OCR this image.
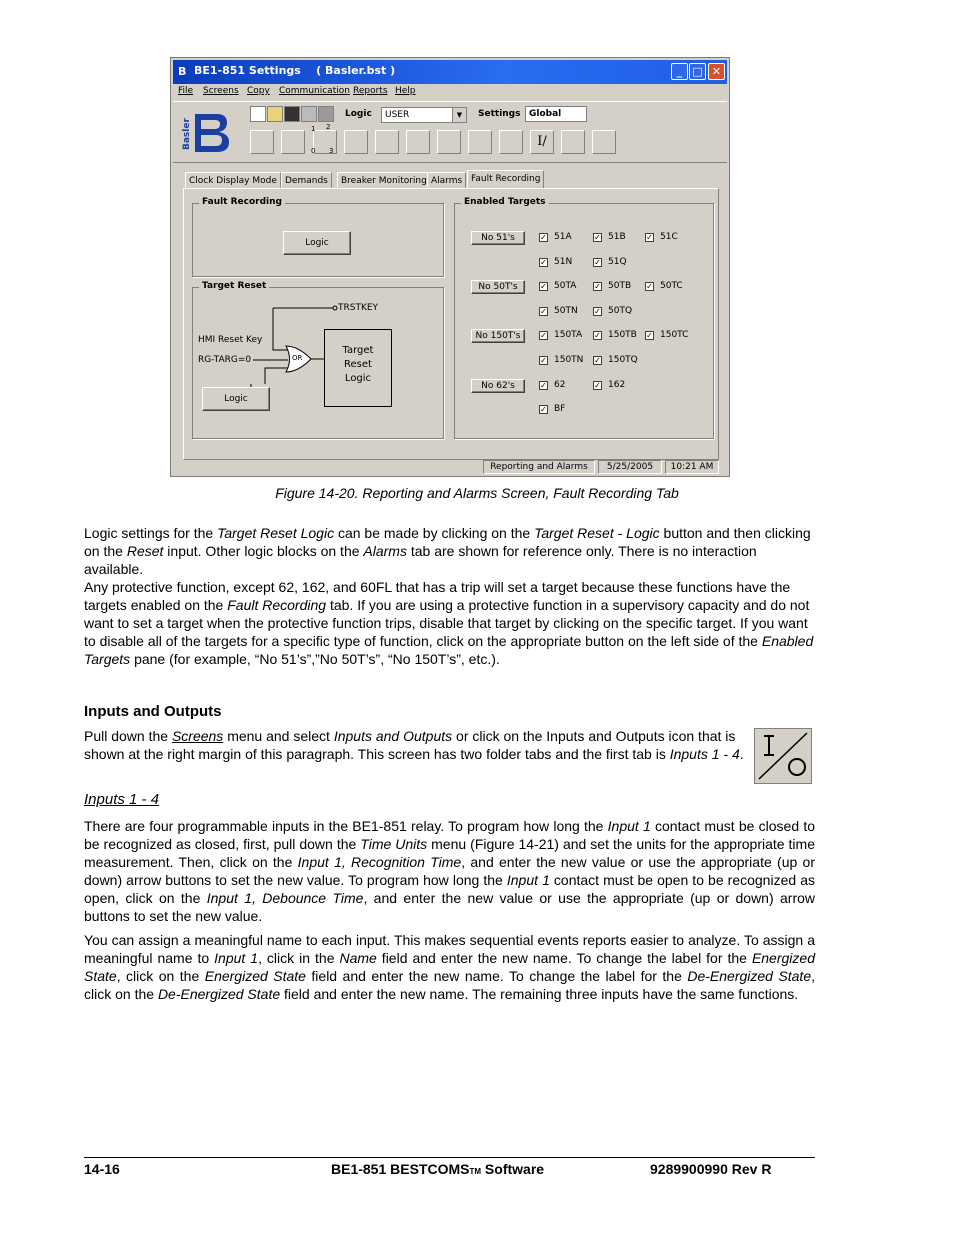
B BE1-851 Settings    ( Basler.bst )	_ □ ✕
File Screens Copy Communication Reports Help
Basler
Logic	USER	▼	Settings Global
1 2
0 3
I/
Clock Display Mode Demands	Breaker Monitoring Alarms Fault Recording
Fault Recording
Logic
Target Reset
TRSTKEY
HMI Reset Key
RG-TARG=0	OR
Target Reset Logic
Logic
Enabled Targets
No 51's	✓ 51A	✓ 51B	✓ 51C
✓ 51N	✓ 51Q
No 50T's	✓ 50TA ✓ 50TB ✓ 50TC
✓ 50TN ✓ 50TQ
No 150T's	✓ 150TA ✓ 150TB ✓ 150TC
✓ 150TN ✓ 150TQ
No 62's	✓ 62	✓ 162
✓ BF
Reporting and Alarms	5/25/2005	10:21 AM
Figure 14-20. Reporting and Alarms Screen, Fault Recording Tab

Logic settings for the Target Reset Logic can be made by clicking on the Target Reset - Logic button and then clicking on the Reset input. Other logic blocks on the Alarms tab are shown for reference only. There is no interaction available.

Any protective function, except 62, 162, and 60FL that has a trip will set a target because these functions have the targets enabled on the Fault Recording tab. If you are using a protective function in a supervisory capacity and do not want to set a target when the protective function trips, disable that target by clicking on the specific target. If you want to disable all of the targets for a specific type of function, click on the appropriate button on the left side of the Enabled Targets pane (for example, “No 51’s”,”No 50T’s”, “No 150T’s”, etc.).

Inputs and Outputs

Pull down the Screens menu and select Inputs and Outputs or click on the Inputs and Outputs icon that is shown at the right margin of this paragraph. This screen has two folder tabs and the first tab is Inputs 1 - 4.

Inputs 1 - 4

There are four programmable inputs in the BE1-851 relay. To program how long the Input 1 contact must be closed to be recognized as closed, first, pull down the Time Units menu (Figure 14-21) and set the units for the appropriate time measurement. Then, click on the Input 1, Recognition Time, and enter the new value or use the appropriate (up or down) arrow buttons to set the new value. To program how long the Input 1 contact must be open to be recognized as open, click on the Input 1, Debounce Time, and enter the new value or use the appropriate (up or down) arrow buttons to set the new value.

You can assign a meaningful name to each input. This makes sequential events reports easier to analyze. To assign a meaningful name to Input 1, click in the Name field and enter the new name. To change the label for the Energized State, click on the Energized State field and enter the new name. To change the label for the De-Energized State, click on the De-Energized State field and enter the new name. The remaining three inputs have the same functions.

14-16	BE1-851 BESTCOMSTM Software	9289900990 Rev R
